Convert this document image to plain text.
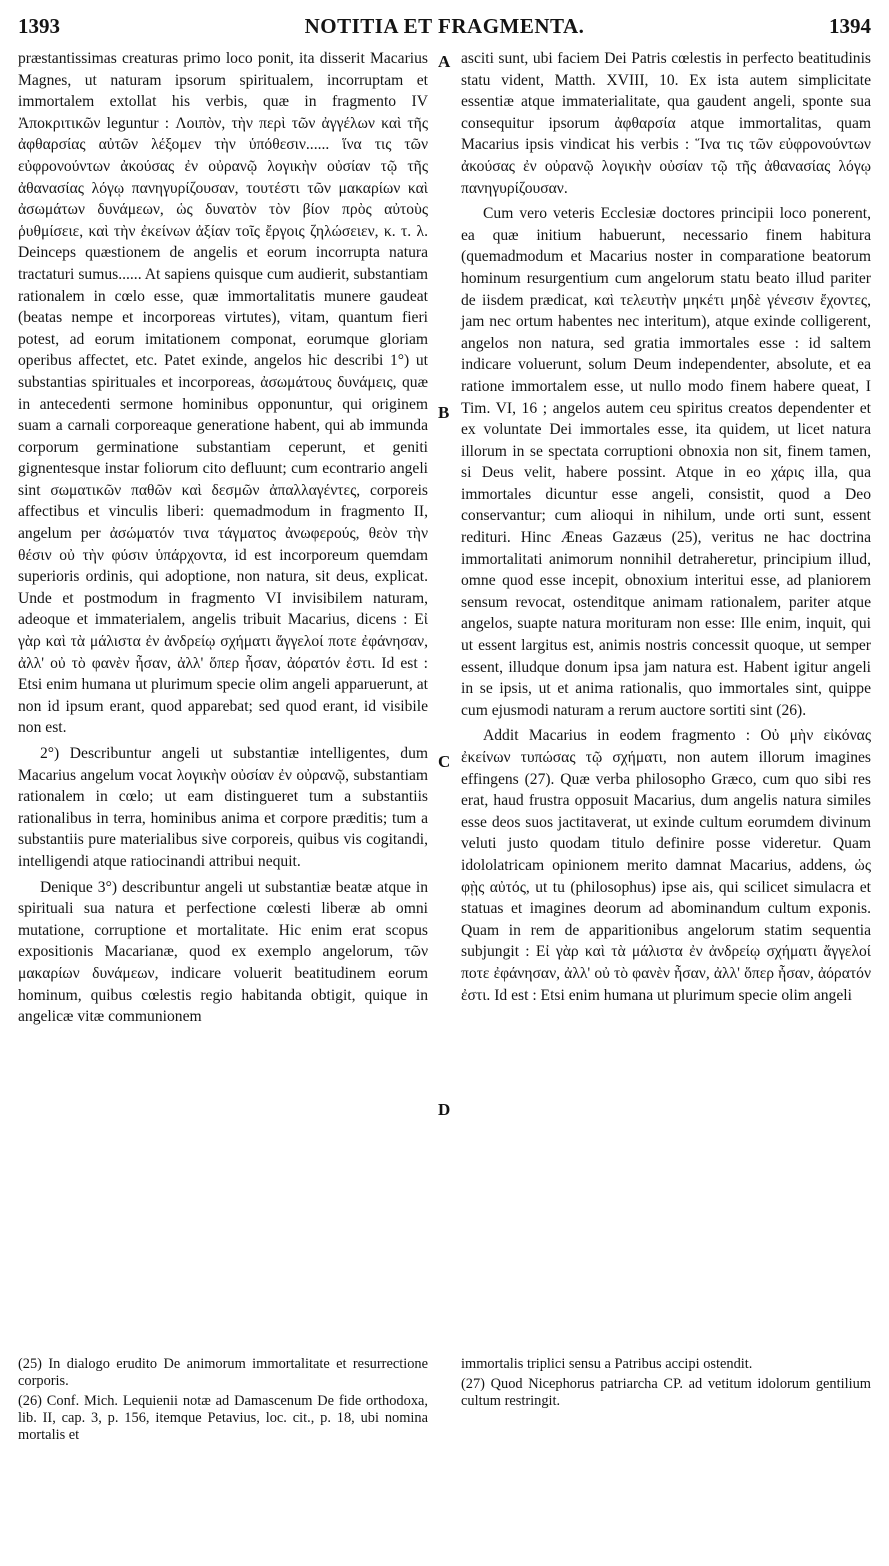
1393	NOTITIA ET FRAGMENTA.	1394

præstantissimas creaturas primo loco ponit, ita disserit Macarius Magnes, ut naturam ipsorum spiritualem, incorruptam et immortalem extollat his verbis, quæ in fragmento IV Ἀποκριτικῶν leguntur : Λοιπὸν, τὴν περὶ τῶν ἀγγέλων καὶ τῆς ἀφθαρσίας αὐτῶν λέξομεν τὴν ὑπόθεσιν...... ἵνα τις τῶν εὐφρονούντων ἀκούσας ἐν οὐρανῷ λογικὴν οὐσίαν τῷ τῆς ἀθανασίας λόγῳ πανηγυρίζουσαν, τουτέστι τῶν μακαρίων καὶ ἀσωμάτων δυνάμεων, ὡς δυνατὸν τὸν βίον πρὸς αὐτοὺς ῥυθμίσειε, καὶ τὴν ἐκείνων ἀξίαν τοῖς ἔργοις ζηλώσειεν, κ. τ. λ. Deinceps quæstionem de angelis et eorum incorrupta natura tractaturi sumus...... At sapiens quisque cum audierit, substantiam rationalem in cœlo esse, quæ immortalitatis munere gaudeat (beatas nempe et incorporeas virtutes), vitam, quantum fieri potest, ad eorum imitationem componat, eorumque gloriam operibus affectet, etc. Patet exinde, angelos hic describi 1°) ut substantias spirituales et incorporeas, ἀσωμάτους δυνάμεις, quæ in antecedenti sermone hominibus opponuntur, qui originem suam a carnali corporeaque generatione habent, qui ab immunda corporum germinatione substantiam ceperunt, et geniti gignentesque instar foliorum cito defluunt; cum econtrario angeli sint σωματικῶν παθῶν καὶ δεσμῶν ἀπαλλαγέντες, corporeis affectibus et vinculis liberi: quemadmodum in fragmento II, angelum per ἀσώματόν τινα τάγματος ἀνωφερούς, θεὸν τὴν θέσιν οὐ τὴν φύσιν ὑπάρχοντα, id est incorporeum quemdam superioris ordinis, qui adoptione, non natura, sit deus, explicat. Unde et postmodum in fragmento VI invisibilem naturam, adeoque et immaterialem, angelis tribuit Macarius, dicens : Εἰ γὰρ καὶ τὰ μάλιστα ἐν ἀνδρείῳ σχήματι ἄγγελοί ποτε ἐφάνησαν, ἀλλ' οὐ τὸ φανὲν ἦσαν, ἀλλ' ὅπερ ἦσαν, ἀόρατόν ἐστι. Id est : Etsi enim humana ut plurimum specie olim angeli apparuerunt, at non id ipsum erant, quod apparebat; sed quod erant, id visibile non est.

2°) Describuntur angeli ut substantiæ intelligentes, dum Macarius angelum vocat λογικὴν οὐσίαν ἐν οὐρανῷ, substantiam rationalem in cœlo; ut eam distingueret tum a substantiis rationalibus in terra, hominibus anima et corpore præditis; tum a substantiis pure materialibus sive corporeis, quibus vis cogitandi, intelligendi atque ratiocinandi attribui nequit.

Denique 3°) describuntur angeli ut substantiæ beatæ atque in spirituali sua natura et perfectione cœlesti liberæ ab omni mutatione, corruptione et mortalitate. Hic enim erat scopus expositionis Macarianæ, quod ex exemplo angelorum, τῶν μακαρίων δυνάμεων, indicare voluerit beatitudinem eorum hominum, quibus cœlestis regio habitanda obtigit, quique in angelicæ vitæ communionem

A
B
C
D

asciti sunt, ubi faciem Dei Patris cœlestis in perfecto beatitudinis statu vident, Matth. XVIII, 10. Ex ista autem simplicitate essentiæ atque immaterialitate, qua gaudent angeli, sponte sua consequitur ipsorum ἀφθαρσία atque immortalitas, quam Macarius ipsis vindicat his verbis : Ἵνα τις τῶν εὐφρονούντων ἀκούσας ἐν οὐρανῷ λογικὴν οὐσίαν τῷ τῆς ἀθανασίας λόγῳ πανηγυρίζουσαν.

Cum vero veteris Ecclesiæ doctores principii loco ponerent, ea quæ initium habuerunt, necessario finem habitura (quemadmodum et Macarius noster in comparatione beatorum hominum resurgentium cum angelorum statu beato illud pariter de iisdem prædicat, καὶ τελευτὴν μηκέτι μηδὲ γένεσιν ἔχοντες, jam nec ortum habentes nec interitum), atque exinde colligerent, angelos non natura, sed gratia immortales esse : id saltem indicare voluerunt, solum Deum independenter, absolute, et ea ratione immortalem esse, ut nullo modo finem habere queat, I Tim. VI, 16 ; angelos autem ceu spiritus creatos dependenter et ex voluntate Dei immortales esse, ita quidem, ut licet natura illorum in se spectata corruptioni obnoxia non sit, finem tamen, si Deus velit, habere possint. Atque in eo χάρις illa, qua immortales dicuntur esse angeli, consistit, quod a Deo conservantur; cum alioqui in nihilum, unde orti sunt, essent redituri. Hinc Æneas Gazæus (25), veritus ne hac doctrina immortalitati animorum nonnihil detraheretur, principium illud, omne quod esse incepit, obnoxium interitui esse, ad planiorem sensum revocat, ostenditque animam rationalem, pariter atque angelos, suapte natura morituram non esse: Ille enim, inquit, qui ut essent largitus est, animis nostris concessit quoque, ut semper essent, illudque donum ipsa jam natura est. Habent igitur angeli in se ipsis, ut et anima rationalis, quo immortales sint, quippe cum ejusmodi naturam a rerum auctore sortiti sint (26).

Addit Macarius in eodem fragmento : Οὐ μὴν εἰκόνας ἐκείνων τυπώσας τῷ σχήματι, non autem illorum imagines effingens (27). Quæ verba philosopho Græco, cum quo sibi res erat, haud frustra opposuit Macarius, dum angelis natura similes esse deos suos jactitaverat, ut exinde cultum eorumdem divinum veluti justo quodam titulo definire posse videretur. Quam idololatricam opinionem merito damnat Macarius, addens, ὡς φῂς αὐτός, ut tu (philosophus) ipse ais, qui scilicet simulacra et statuas et imagines deorum ad abominandum cultum exponis. Quam in rem de apparitionibus angelorum statim sequentia subjungit : Εἰ γὰρ καὶ τὰ μάλιστα ἐν ἀνδρείῳ σχήματι ἄγγελοί ποτε ἐφάνησαν, ἀλλ' οὐ τὸ φανὲν ἦσαν, ἀλλ' ὅπερ ἦσαν, ἀόρατόν ἐστι. Id est : Etsi enim humana ut plurimum specie olim angeli

(25) In dialogo erudito De animorum immortalitate et resurrectione corporis.

(26) Conf. Mich. Lequienii notæ ad Damascenum De fide orthodoxa, lib. II, cap. 3, p. 156, itemque Petavius, loc. cit., p. 18, ubi nomina mortalis et

immortalis triplici sensu a Patribus accipi ostendit.

(27) Quod Nicephorus patriarcha CP. ad vetitum idolorum gentilium cultum restringit.
